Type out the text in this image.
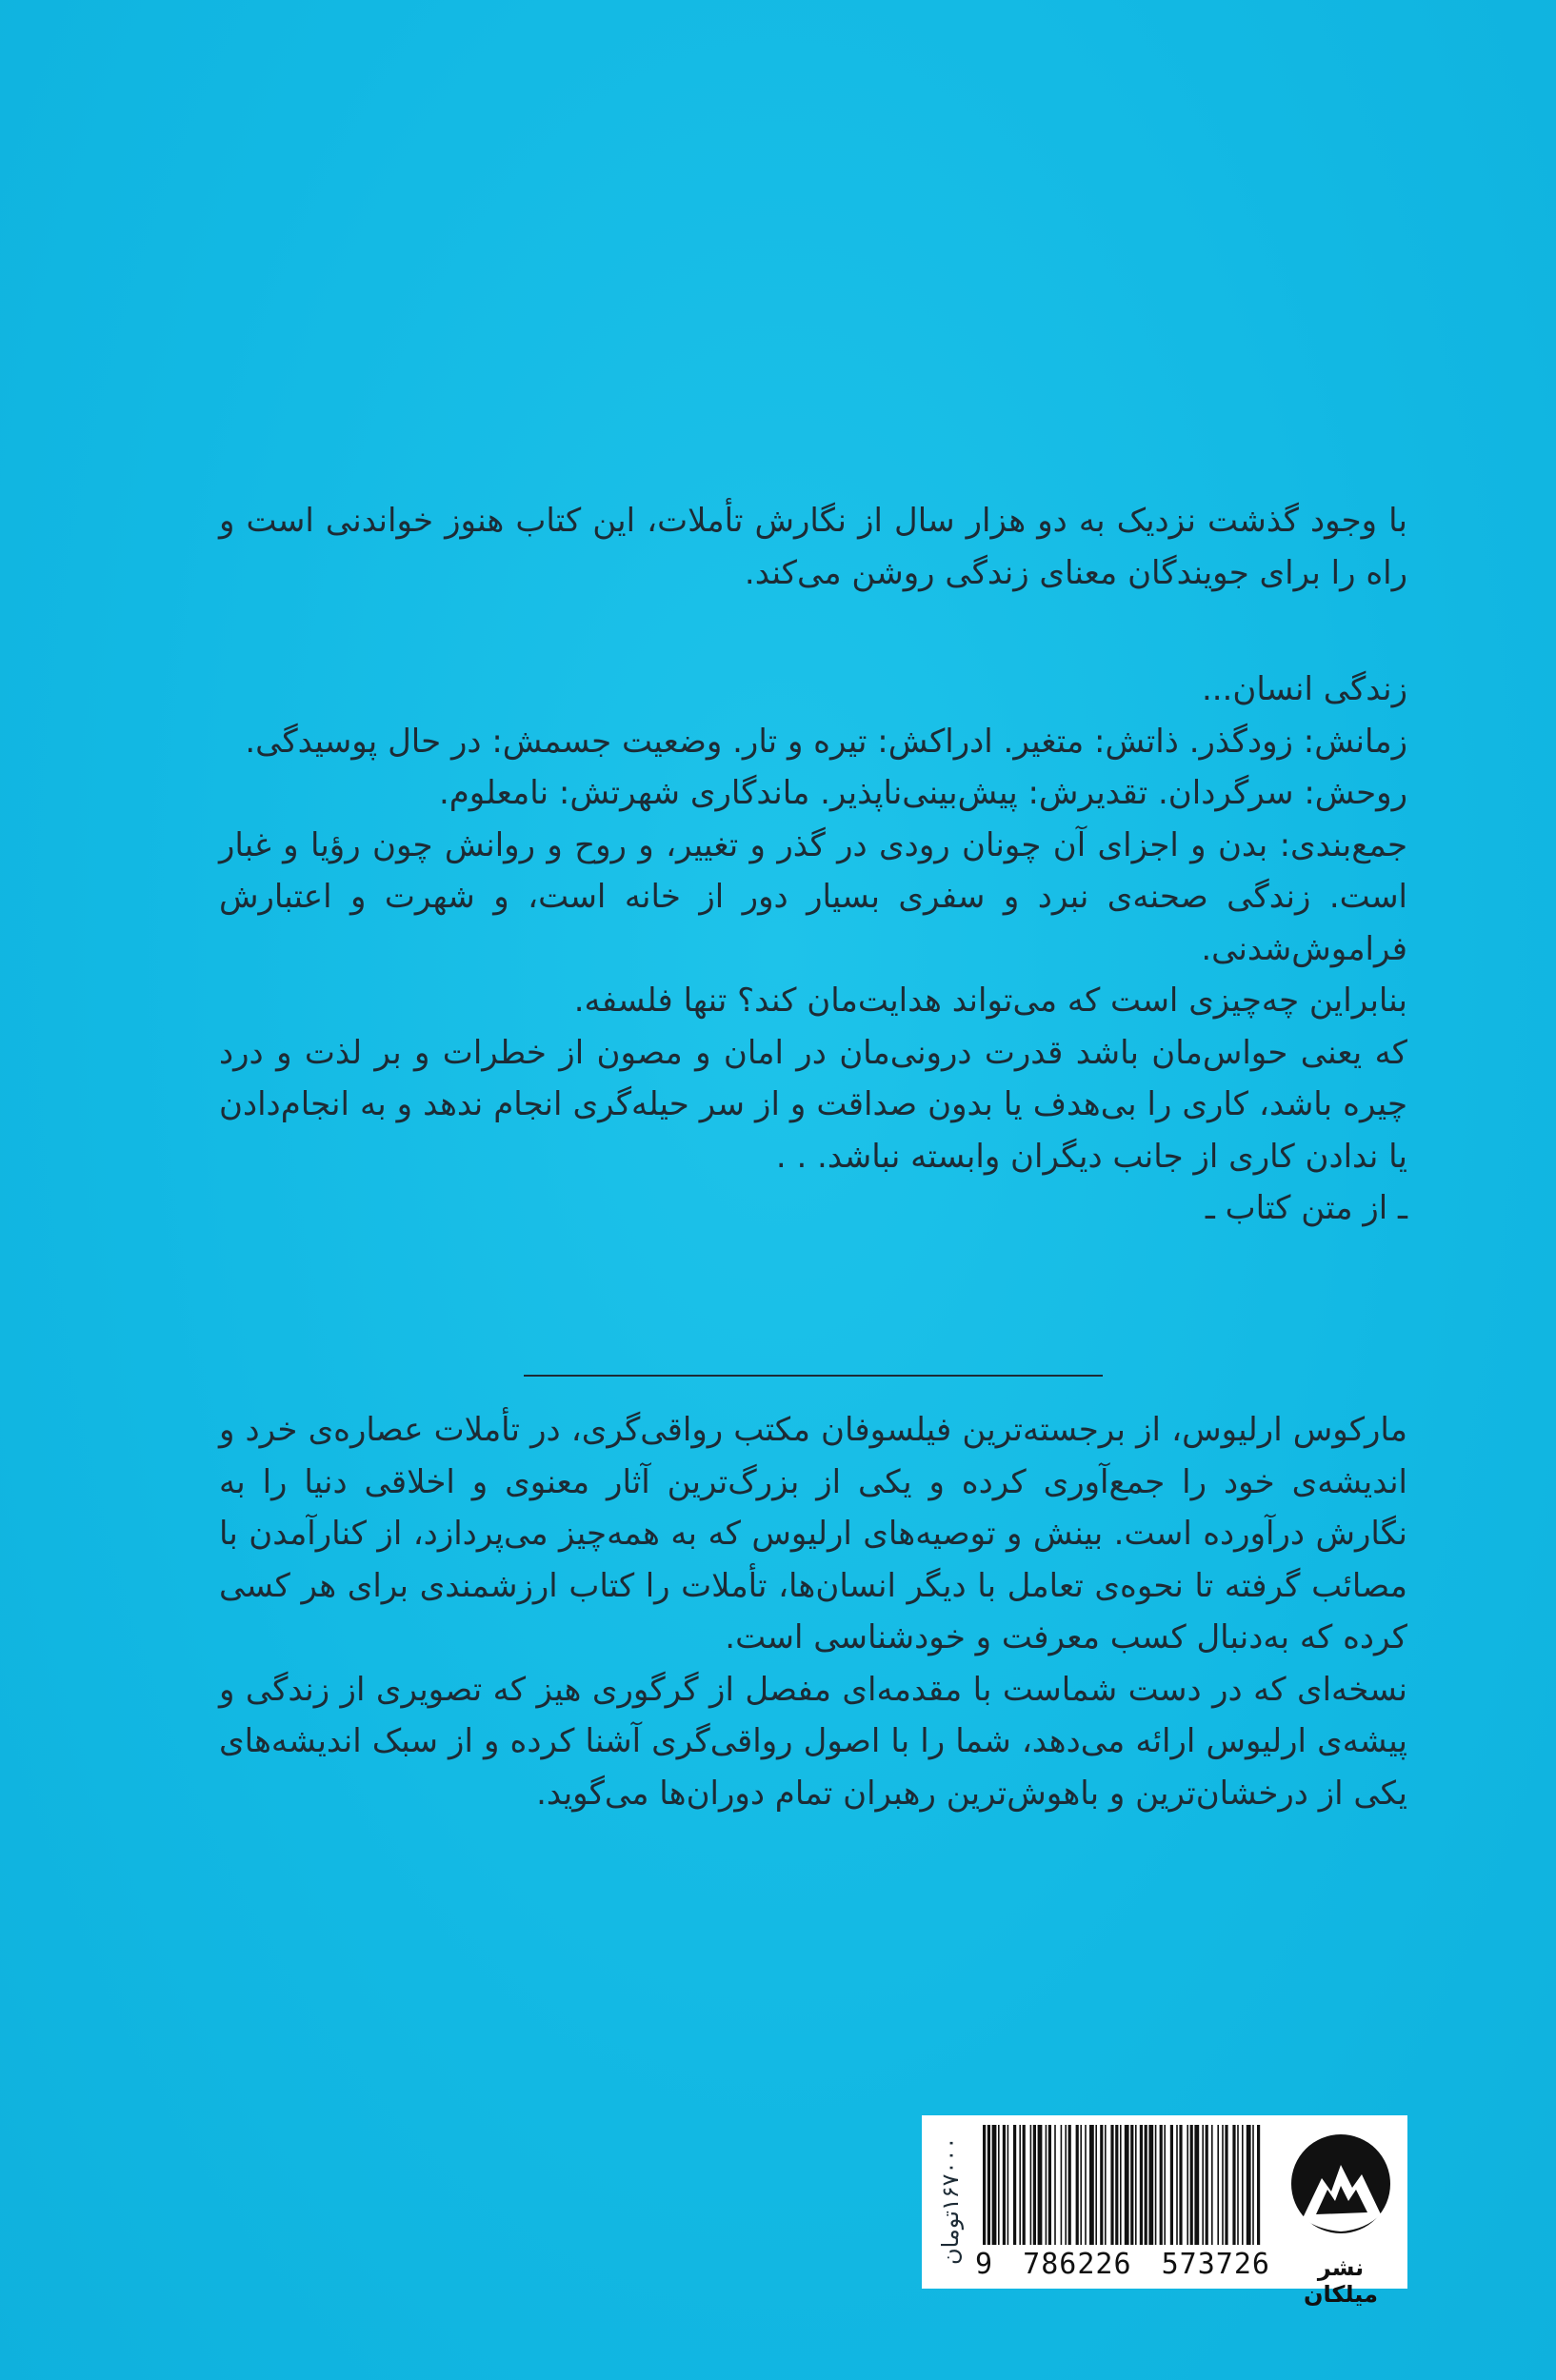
با وجود گذشت نزدیک به دو هزار سال از نگارش تأملات، این کتاب هنوز خواندنی است و راه را برای جویندگان معنای زندگی روشن می‌کند.

زندگی انسان...

زمانش: زودگذر. ذاتش: متغیر. ادراکش: تیره و تار. وضعیت جسمش: در حال پوسیدگی.

روحش: سرگردان. تقدیرش: پیش‌بینی‌ناپذیر. ماندگاری شهرتش: نامعلوم.

جمع‌بندی: بدن و اجزای آن چونان رودی در گذر و تغییر، و روح و روانش چون رؤیا و غبار است. زندگی صحنه‌ی نبرد و سفری بسیار دور از خانه است، و شهرت و اعتبارش فراموش‌شدنی.

بنابراین چه‌چیزی است که می‌تواند هدایت‌مان کند؟ تنها فلسفه.

که یعنی حواس‌مان باشد قدرت درونی‌مان در امان و مصون از خطرات و بر لذت و درد چیره باشد، کاری را بی‌هدف یا بدون صداقت و از سر حیله‌گری انجام ندهد و به انجام‌دادن یا ندادن کاری از جانب دیگران وابسته نباشد. . .

ـ از متن کتاب ـ

مارکوس ارلیوس، از برجسته‌ترین فیلسوفان مکتب رواقی‌گری، در تأملات عصاره‌ی خرد و اندیشه‌ی خود را جمع‌آوری کرده و یکی از بزرگ‌ترین آثار معنوی و اخلاقی دنیا را به نگارش درآورده است. بینش و توصیه‌های ارلیوس که به همه‌چیز می‌پردازد، از کنارآمدن با مصائب گرفته تا نحوه‌ی تعامل با دیگر انسان‌ها، تأملات را کتاب ارزشمندی برای هر کسی کرده که به‌دنبال کسب معرفت و خودشناسی است.

نسخه‌ای که در دست شماست با مقدمه‌ای مفصل از گرگوری هیز که تصویری از زندگی و پیشه‌ی ارلیوس ارائه می‌دهد، شما را با اصول رواقی‌گری آشنا کرده و از سبک اندیشه‌های یکی از درخشان‌ترین و باهوش‌ترین رهبران تمام دوران‌ها می‌گوید.

۱۶۷۰۰۰تومان
9 786226 573726	نشر میلکان
